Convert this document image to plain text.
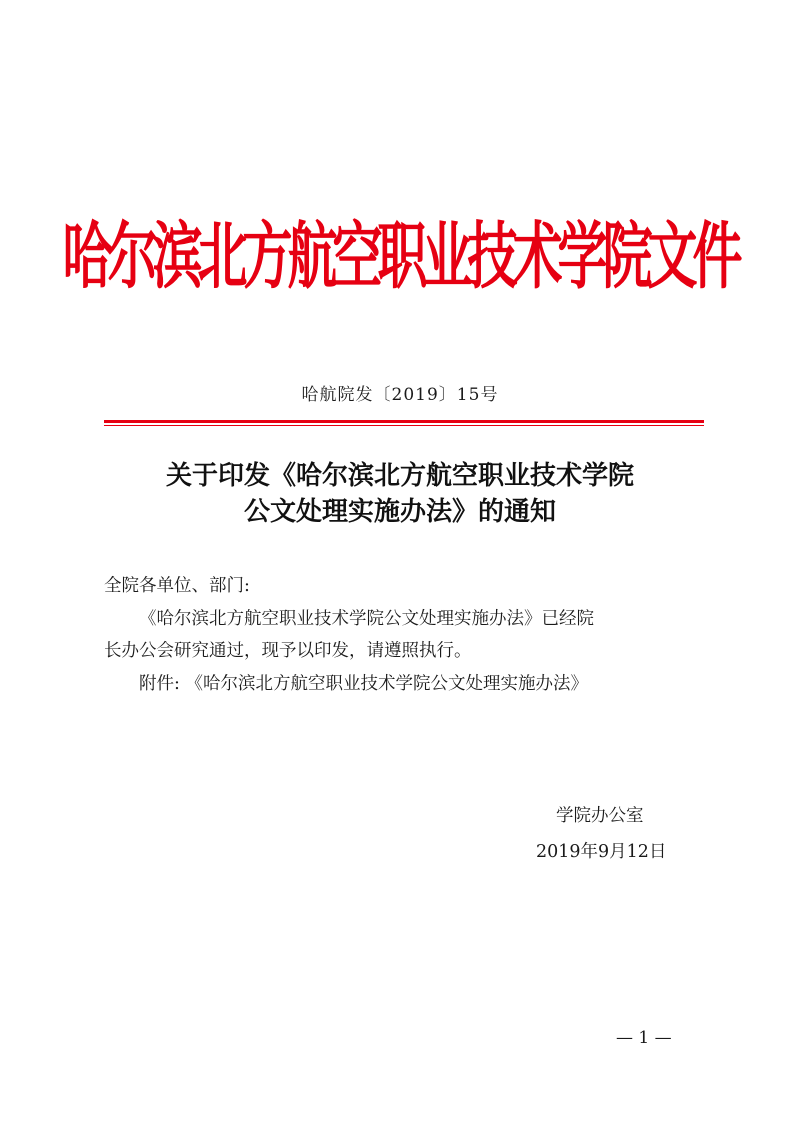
哈尔滨北方航空职业技术学院文件
哈航院发〔2019〕15号
关于印发《哈尔滨北方航空职业技术学院
公文处理实施办法》的通知

全院各单位、部门:

《哈尔滨北方航空职业技术学院公文处理实施办法》已经院

长办公会研究通过，现予以印发，请遵照执行。

附件: 《哈尔滨北方航空职业技术学院公文处理实施办法》

学院办公室
2019年9月12日
— 1 —
